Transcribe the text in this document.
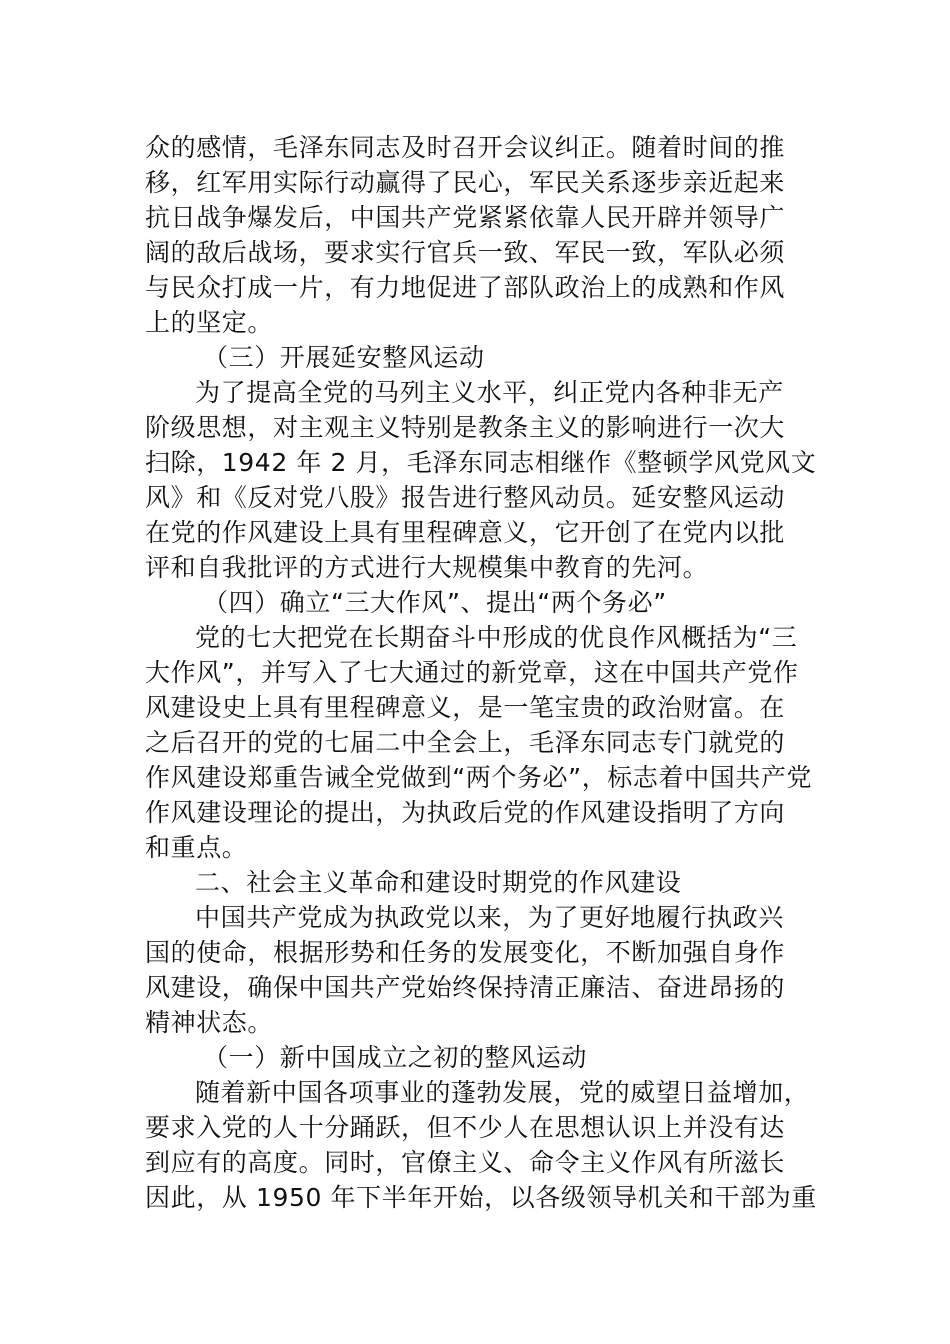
众的感情，毛泽东同志及时召开会议纠正。随着时间的推
移，红军用实际行动赢得了民心，军民关系逐步亲近起来
抗日战争爆发后，中国共产党紧紧依靠人民开辟并领导广
阔的敌后战场，要求实行官兵一致、军民一致，军队必须
与民众打成一片，有力地促进了部队政治上的成熟和作风
上的坚定。
（三）开展延安整风运动
为了提高全党的马列主义水平，纠正党内各种非无产
阶级思想，对主观主义特别是教条主义的影响进行一次大
扫除，1942 年 2 月，毛泽东同志相继作《整顿学风党风文
风》和《反对党八股》报告进行整风动员。延安整风运动
在党的作风建设上具有里程碑意义，它开创了在党内以批
评和自我批评的方式进行大规模集中教育的先河。
（四）确立“三大作风”、提出“两个务必”
党的七大把党在长期奋斗中形成的优良作风概括为“三
大作风”，并写入了七大通过的新党章，这在中国共产党作
风建设史上具有里程碑意义，是一笔宝贵的政治财富。在
之后召开的党的七届二中全会上，毛泽东同志专门就党的
作风建设郑重告诫全党做到“两个务必”，标志着中国共产党
作风建设理论的提出，为执政后党的作风建设指明了方向
和重点。
二、社会主义革命和建设时期党的作风建设
中国共产党成为执政党以来，为了更好地履行执政兴
国的使命，根据形势和任务的发展变化，不断加强自身作
风建设，确保中国共产党始终保持清正廉洁、奋进昂扬的
精神状态。
（一）新中国成立之初的整风运动
随着新中国各项事业的蓬勃发展，党的威望日益增加，
要求入党的人十分踊跃，但不少人在思想认识上并没有达
到应有的高度。同时，官僚主义、命令主义作风有所滋长
因此，从 1950 年下半年开始，以各级领导机关和干部为重
